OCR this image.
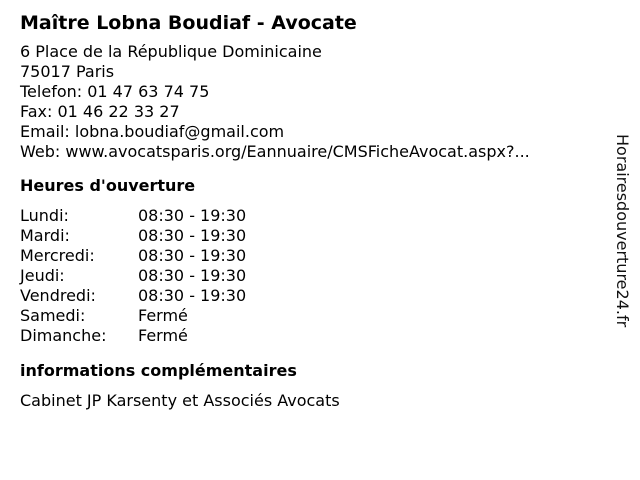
Maître Lobna Boudiaf - Avocate
6 Place de la République Dominicaine
75017 Paris
Telefon: 01 47 63 74 75
Fax: 01 46 22 33 27
Email: lobna.boudiaf@gmail.com
Web: www.avocatsparis.org/Eannuaire/CMSFicheAvocat.aspx?...
Heures d'ouverture
Lundi:	08:30 - 19:30
Mardi:	08:30 - 19:30
Mercredi:	08:30 - 19:30
Jeudi:	08:30 - 19:30
Vendredi:	08:30 - 19:30
Samedi:	Fermé
Dimanche:	Fermé
informations complémentaires
Cabinet JP Karsenty et Associés Avocats
Horairesdouverture24.fr
